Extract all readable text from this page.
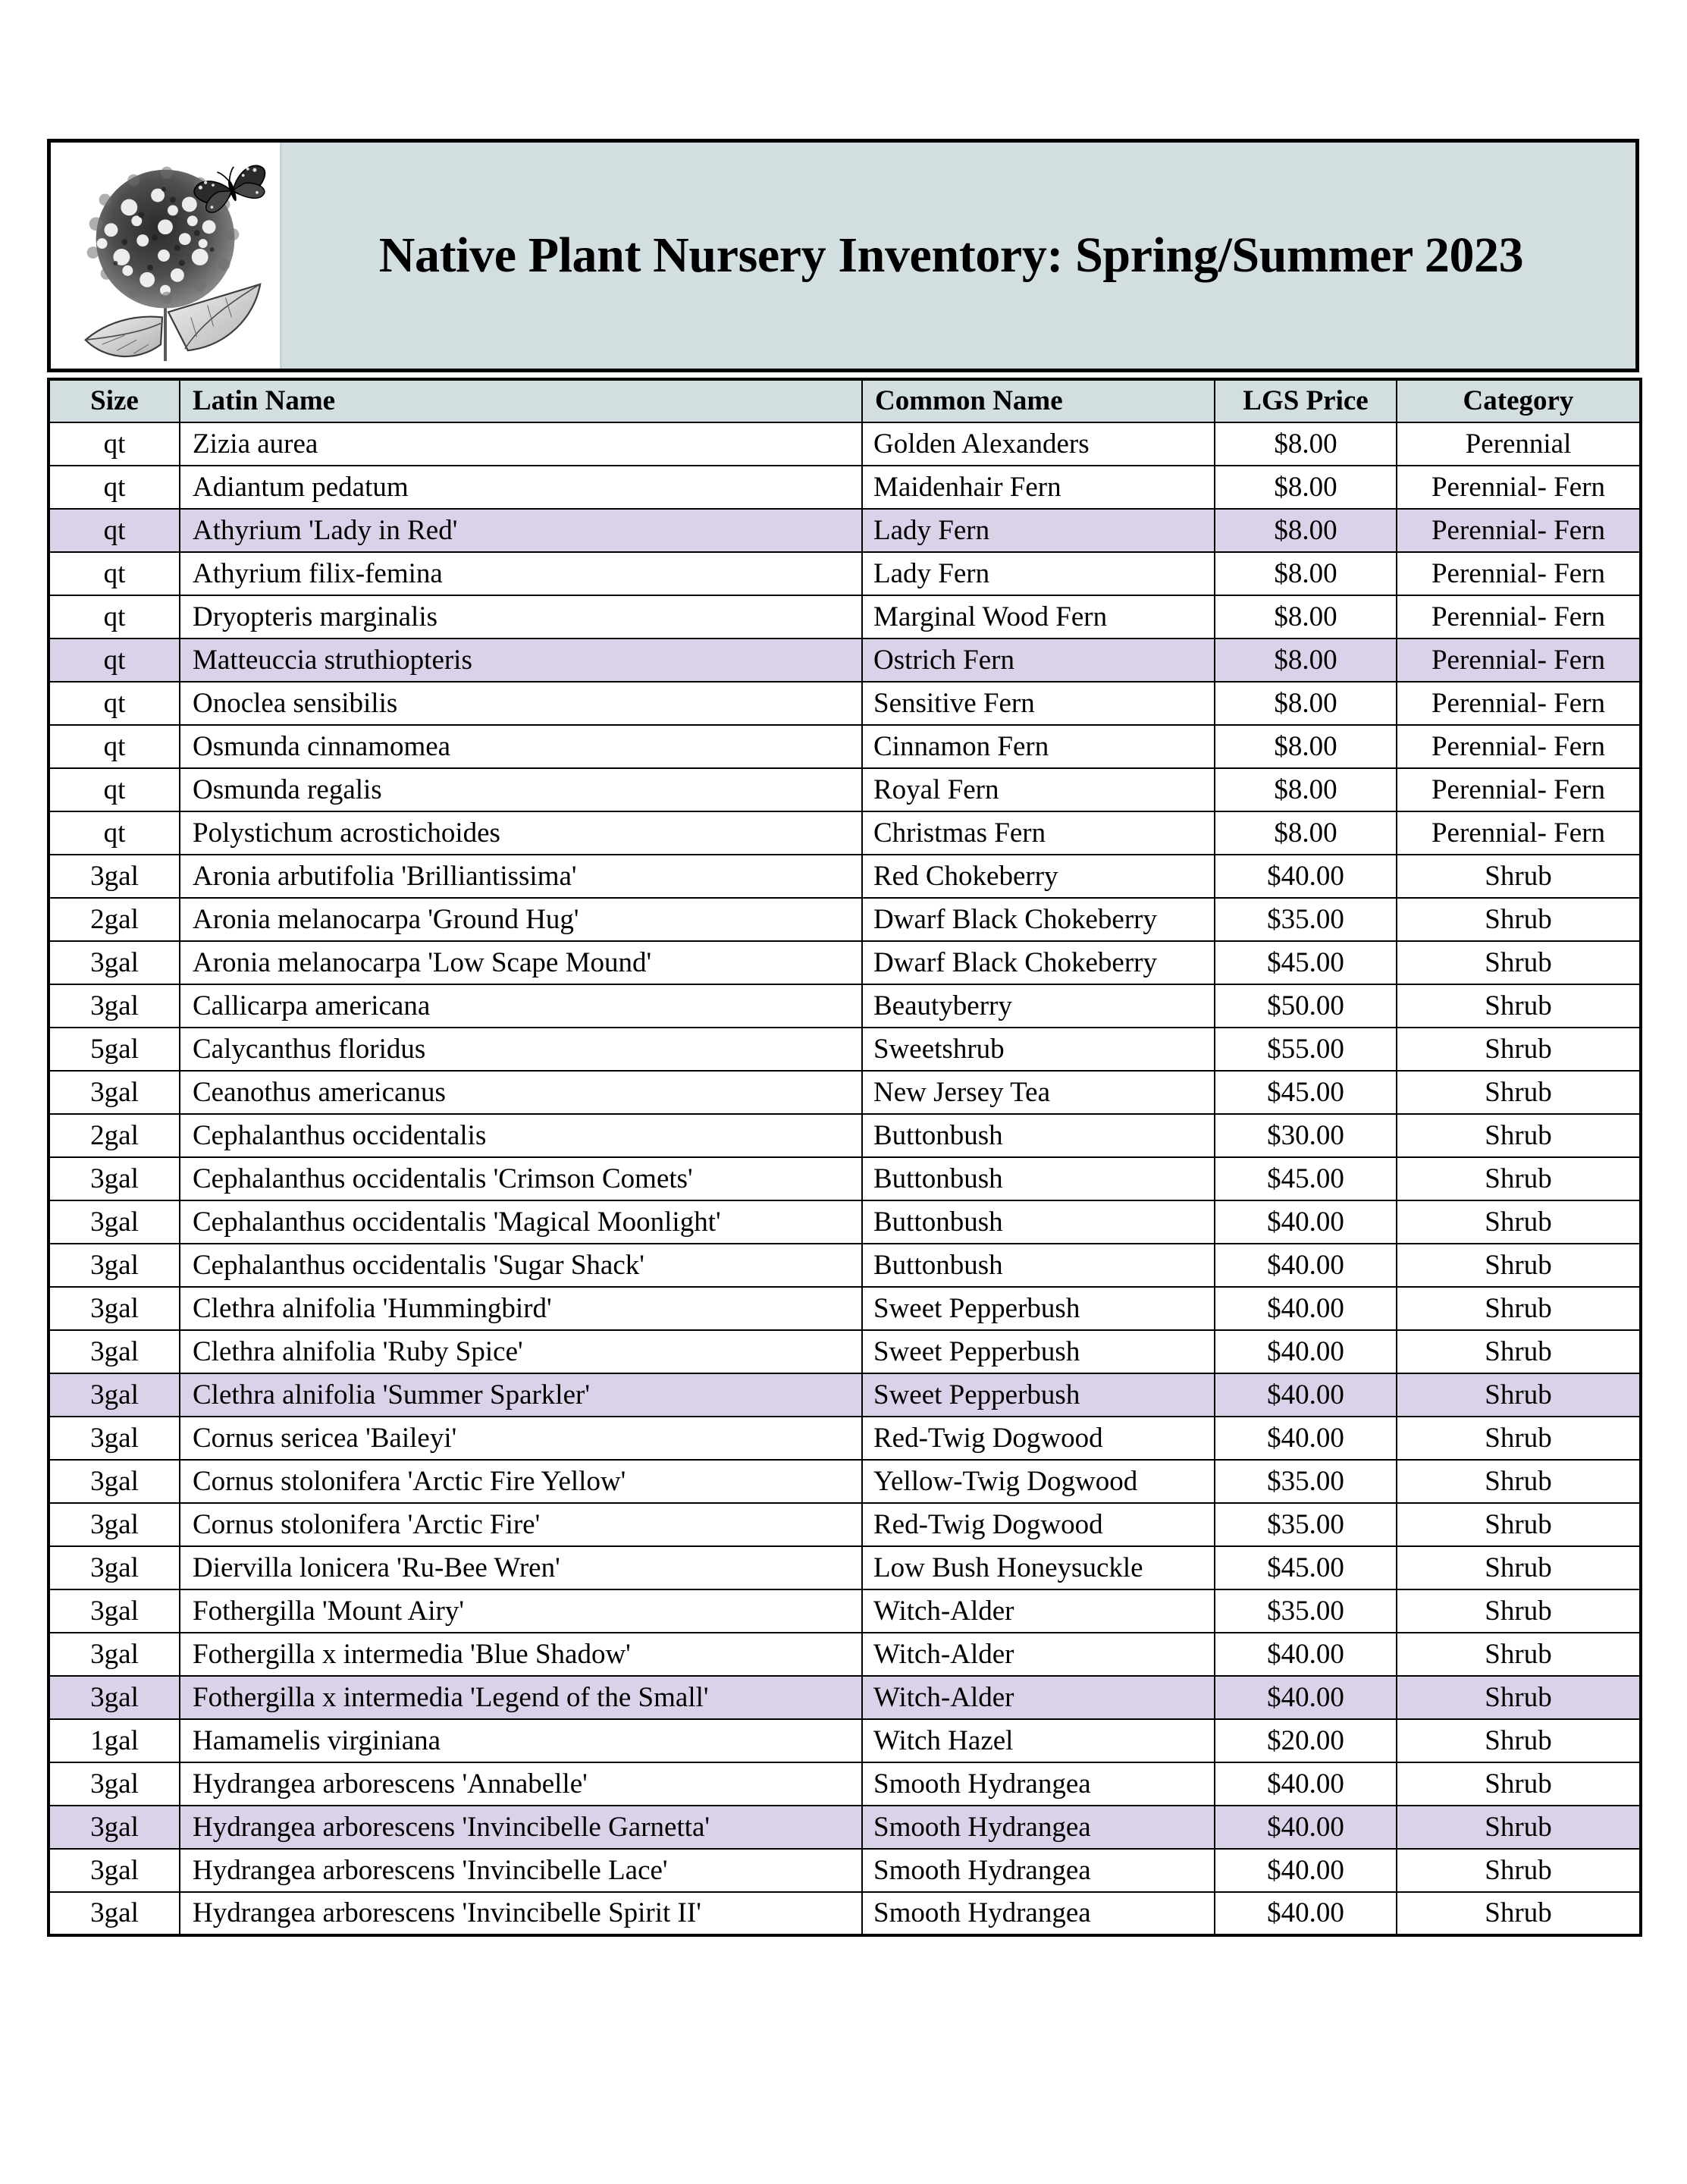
Native Plant Nursery Inventory: Spring/Summer 2023
Size	Latin Name	Common Name	LGS Price	Category
qt	Zizia aurea	Golden Alexanders	$8.00	Perennial
qt	Adiantum pedatum	Maidenhair Fern	$8.00	Perennial- Fern
qt	Athyrium 'Lady in Red'	Lady Fern	$8.00	Perennial- Fern
qt	Athyrium filix-femina	Lady Fern	$8.00	Perennial- Fern
qt	Dryopteris marginalis	Marginal Wood Fern	$8.00	Perennial- Fern
qt	Matteuccia struthiopteris	Ostrich Fern	$8.00	Perennial- Fern
qt	Onoclea sensibilis	Sensitive Fern	$8.00	Perennial- Fern
qt	Osmunda cinnamomea	Cinnamon Fern	$8.00	Perennial- Fern
qt	Osmunda regalis	Royal Fern	$8.00	Perennial- Fern
qt	Polystichum acrostichoides	Christmas Fern	$8.00	Perennial- Fern
3gal	Aronia arbutifolia 'Brilliantissima'	Red Chokeberry	$40.00	Shrub
2gal	Aronia melanocarpa 'Ground Hug'	Dwarf Black Chokeberry	$35.00	Shrub
3gal	Aronia melanocarpa 'Low Scape Mound'	Dwarf Black Chokeberry	$45.00	Shrub
3gal	Callicarpa americana	Beautyberry	$50.00	Shrub
5gal	Calycanthus floridus	Sweetshrub	$55.00	Shrub
3gal	Ceanothus americanus	New Jersey Tea	$45.00	Shrub
2gal	Cephalanthus occidentalis	Buttonbush	$30.00	Shrub
3gal	Cephalanthus occidentalis 'Crimson Comets'	Buttonbush	$45.00	Shrub
3gal	Cephalanthus occidentalis 'Magical Moonlight'	Buttonbush	$40.00	Shrub
3gal	Cephalanthus occidentalis 'Sugar Shack'	Buttonbush	$40.00	Shrub
3gal	Clethra alnifolia 'Hummingbird'	Sweet Pepperbush	$40.00	Shrub
3gal	Clethra alnifolia 'Ruby Spice'	Sweet Pepperbush	$40.00	Shrub
3gal	Clethra alnifolia 'Summer Sparkler'	Sweet Pepperbush	$40.00	Shrub
3gal	Cornus sericea 'Baileyi'	Red-Twig Dogwood	$40.00	Shrub
3gal	Cornus stolonifera 'Arctic Fire Yellow'	Yellow-Twig Dogwood	$35.00	Shrub
3gal	Cornus stolonifera 'Arctic Fire'	Red-Twig Dogwood	$35.00	Shrub
3gal	Diervilla lonicera 'Ru-Bee Wren'	Low Bush Honeysuckle	$45.00	Shrub
3gal	Fothergilla 'Mount Airy'	Witch-Alder	$35.00	Shrub
3gal	Fothergilla x intermedia 'Blue Shadow'	Witch-Alder	$40.00	Shrub
3gal	Fothergilla x intermedia 'Legend of the Small'	Witch-Alder	$40.00	Shrub
1gal	Hamamelis virginiana	Witch Hazel	$20.00	Shrub
3gal	Hydrangea arborescens 'Annabelle'	Smooth Hydrangea	$40.00	Shrub
3gal	Hydrangea arborescens 'Invincibelle Garnetta'	Smooth Hydrangea	$40.00	Shrub
3gal	Hydrangea arborescens 'Invincibelle Lace'	Smooth Hydrangea	$40.00	Shrub
3gal	Hydrangea arborescens 'Invincibelle Spirit II'	Smooth Hydrangea	$40.00	Shrub
